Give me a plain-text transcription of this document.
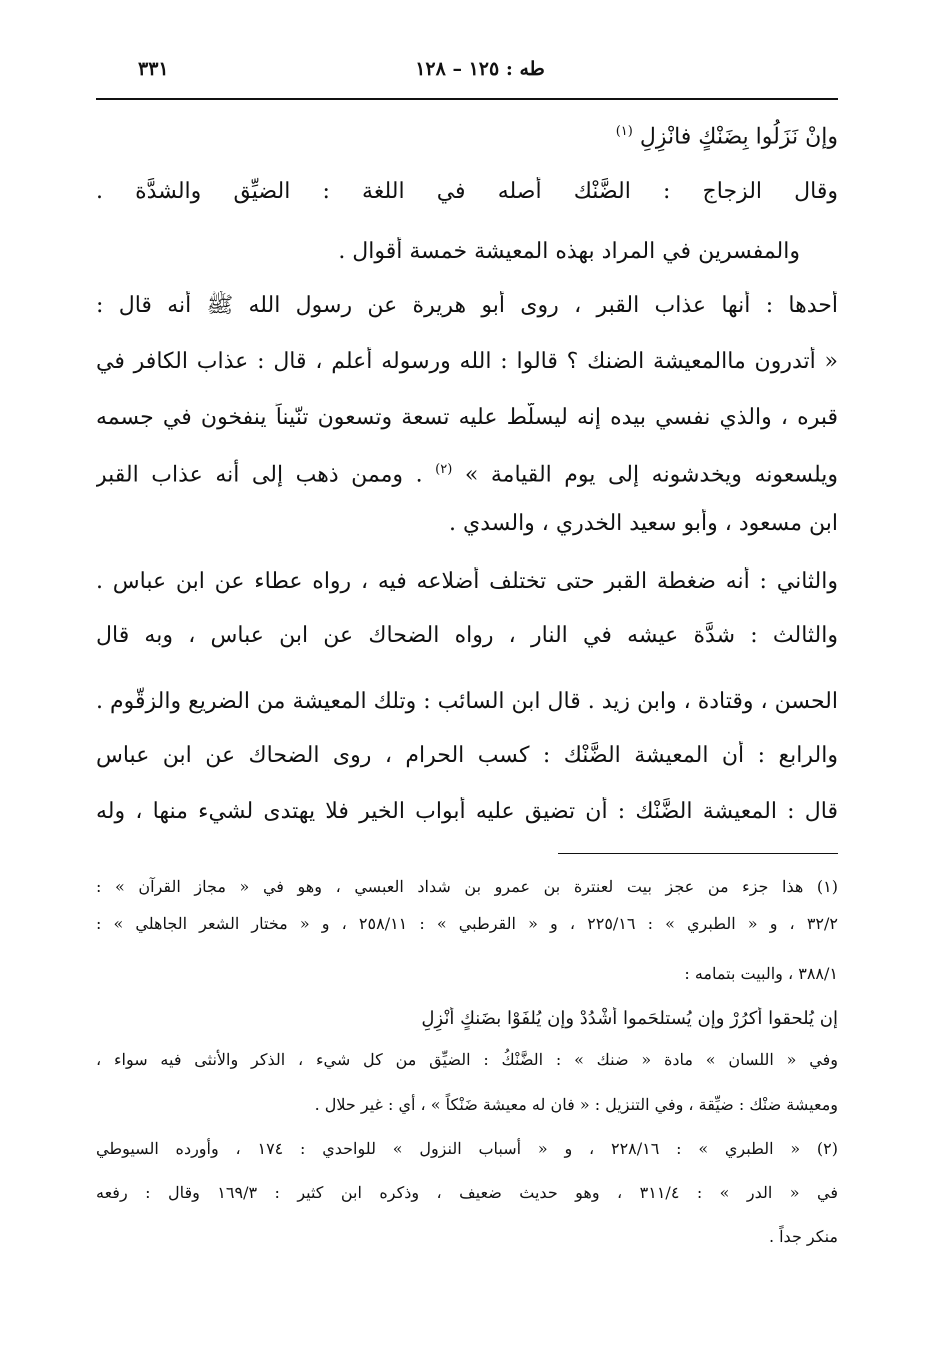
طه : ١٢٥ – ١٢٨
٣٣١

وإنْ نَزَلُوا بِضَنْكٍ فانْزِلِ $^{(١)}$

وقال الزجاج : الضَّنْك أصله في اللغة : الضيِّق والشدَّة .

والمفسرين في المراد بهذه المعيشة خمسة أقوال .

أحدها : أنها عذاب القبر ، روى أبو هريرة عن رسول الله ﷺ أنه قال :

« أتدرون ماالمعيشة الضنك ؟ قالوا : الله ورسوله أعلم ، قال : عذاب الكافر في

قبره ، والذي نفسي بيده إنه ليسلَّط عليه تسعة وتسعون تنّيناً ينفخون في جسمه

ويلسعونه ويخدشونه إلى يوم القيامة » $^{(٢)}$ . وممن ذهب إلى أنه عذاب القبر

ابن مسعود ، وأبو سعيد الخدري ، والسدي .

والثاني : أنه ضغطة القبر حتى تختلف أضلاعه فيه ، رواه عطاء عن ابن عباس .

والثالث : شدَّة عيشه في النار ، رواه الضحاك عن ابن عباس ، وبه قال

الحسن ، وقتادة ، وابن زيد . قال ابن السائب : وتلك المعيشة من الضريع والزقّوم .

والرابع : أن المعيشة الضَّنْك : كسب الحرام ، روى الضحاك عن ابن عباس

قال : المعيشة الضَّنْك : أن تضيق عليه أبواب الخير فلا يهتدى لشيء منها ، وله

(١) هذا جزء من عجز بيت لعنترة بن عمرو بن شداد العبسي ، وهو في « مجاز القرآن » :

٣٢/٢ ، و « الطبري » : ٢٢٥/١٦ ، و « القرطبي » : ٢٥٨/١١ ، و « مختار الشعر الجاهلي » :

٣٨٨/١ ، والبيت بتمامه :

إن يُلحقوا أكرُرْ وإن يُستلحَموا أشْدُدْ وإن يُلفَوْا بضَنكٍ أنْزِلِ

وفي « اللسان » مادة « ضنك » : الضَّنْكُ : الضيِّق من كل شيء ، الذكر والأنثى فيه سواء ،

ومعيشة ضنْك : ضيِّقة ، وفي التنزيل : « فان له معيشة ضَنْكاً » ، أي : غير حلال .

(٢) « الطبري » : ٢٢٨/١٦ ، و « أسباب النزول » للواحدي : ١٧٤ ، وأورده السيوطي

في « الدر » : ٣١١/٤ ، وهو حديث ضعيف ، وذكره ابن كثير : ١٦٩/٣ وقال : رفعه

منكر جداً .
